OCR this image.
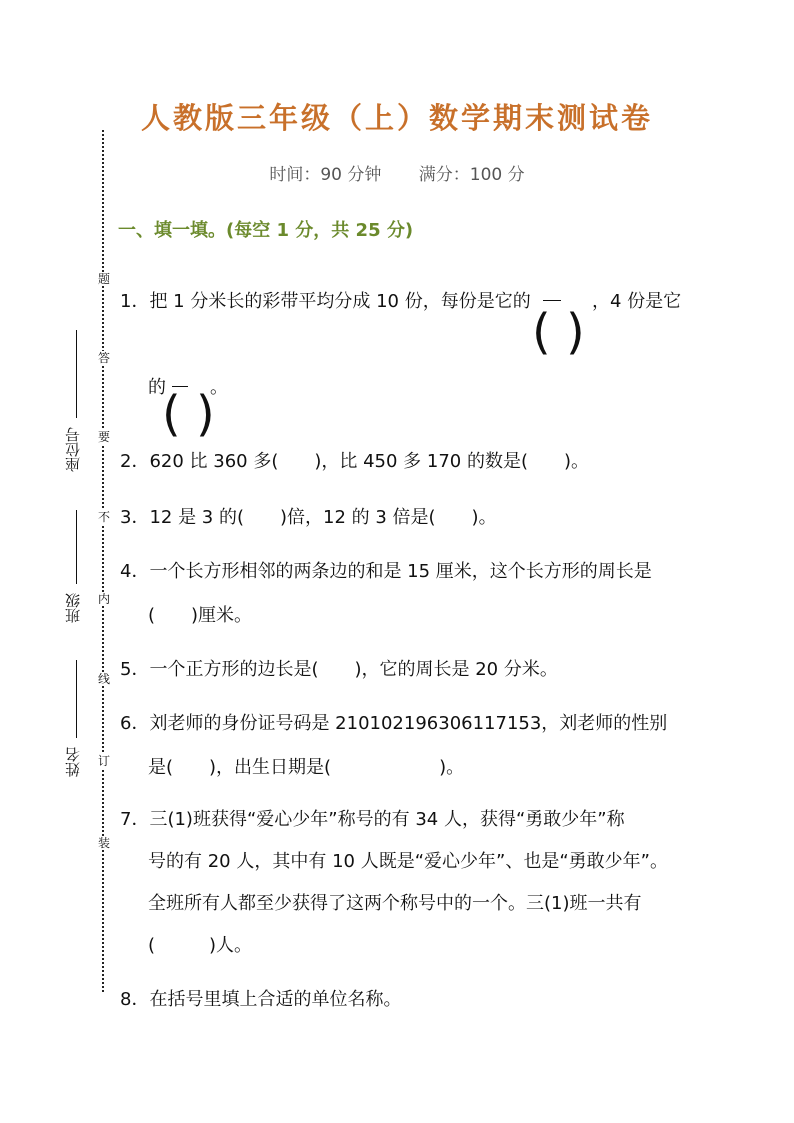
人教版三年级（上）数学期末测试卷
时间：90 分钟 满分：100 分
题
答
要
不
内
线
订
装
座位号
班级
姓名
一、填一填。(每空 1 分，共 25 分)
1．把 1 分米长的彩带平均分成 10 份，每份是它的
( )
，4 份是它
的
( )
。
2．620 比 360 多(　　)，比 450 多 170 的数是(　　)。
3．12 是 3 的(　　)倍，12 的 3 倍是(　　)。
4．一个长方形相邻的两条边的和是 15 厘米，这个长方形的周长是
(　　)厘米。
5．一个正方形的边长是(　　)，它的周长是 20 分米。
6．刘老师的身份证号码是 210102196306117153，刘老师的性别
是(　　)，出生日期是(　　　　　　)。
7．三(1)班获得“爱心少年”称号的有 34 人，获得“勇敢少年”称
号的有 20 人，其中有 10 人既是“爱心少年”、也是“勇敢少年”。
全班所有人都至少获得了这两个称号中的一个。三(1)班一共有
(　　　)人。
8．在括号里填上合适的单位名称。
